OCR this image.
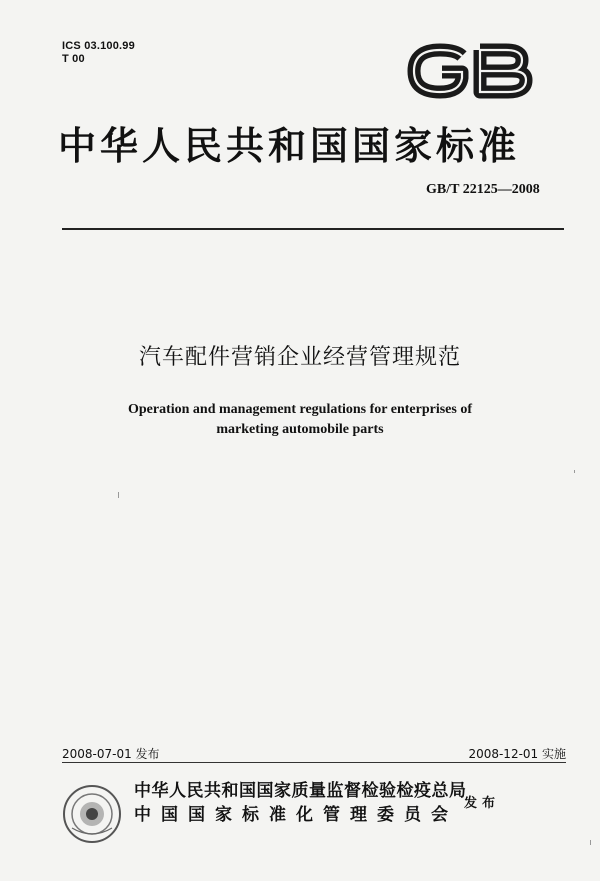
ICS 03.100.99
T 00
中华人民共和国国家标准
GB/T 22125—2008
汽车配件营销企业经营管理规范
Operation and management regulations for enterprises of
marketing automobile parts
2008-07-01 发布	2008-12-01 实施
中华人民共和国国家质量监督检验检疫总局
中国国家标准化管理委员会
发布
